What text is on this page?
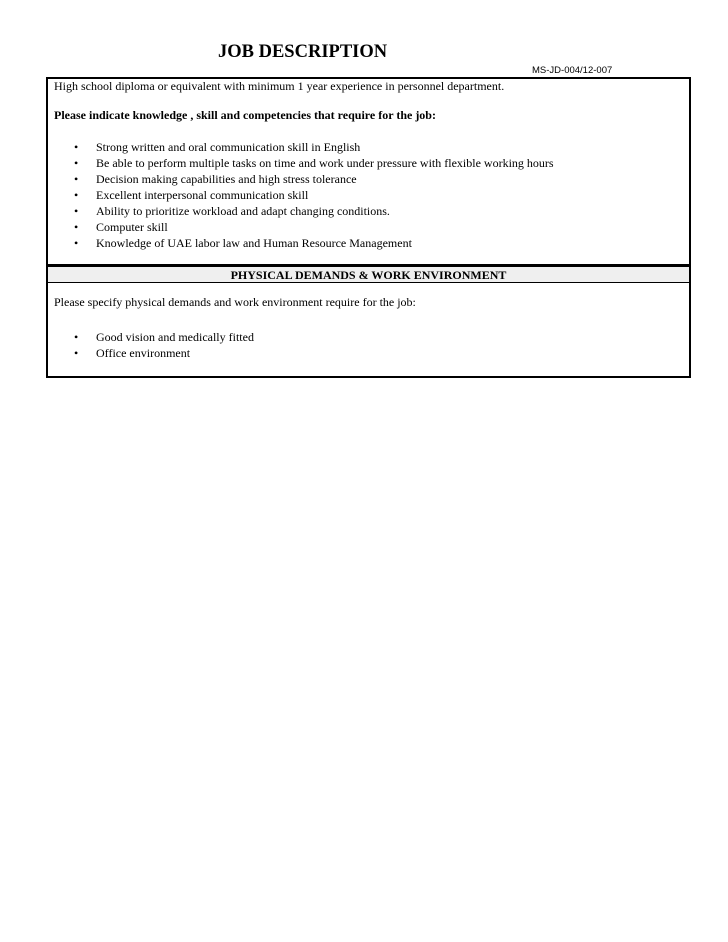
JOB DESCRIPTION
MS-JD-004/12-007
High school diploma or equivalent with minimum 1 year experience in personnel department.
Please indicate knowledge , skill and competencies that require for the job:
• Strong written and oral communication skill in English
• Be able to perform multiple tasks on time and work under pressure with flexible working hours
• Decision making capabilities and high stress tolerance
• Excellent interpersonal communication skill
• Ability to prioritize workload and adapt changing conditions.
• Computer skill
• Knowledge of UAE labor law and Human Resource Management
PHYSICAL DEMANDS & WORK ENVIRONMENT
Please specify physical demands and work environment require for the job:
• Good vision and medically fitted
• Office environment
